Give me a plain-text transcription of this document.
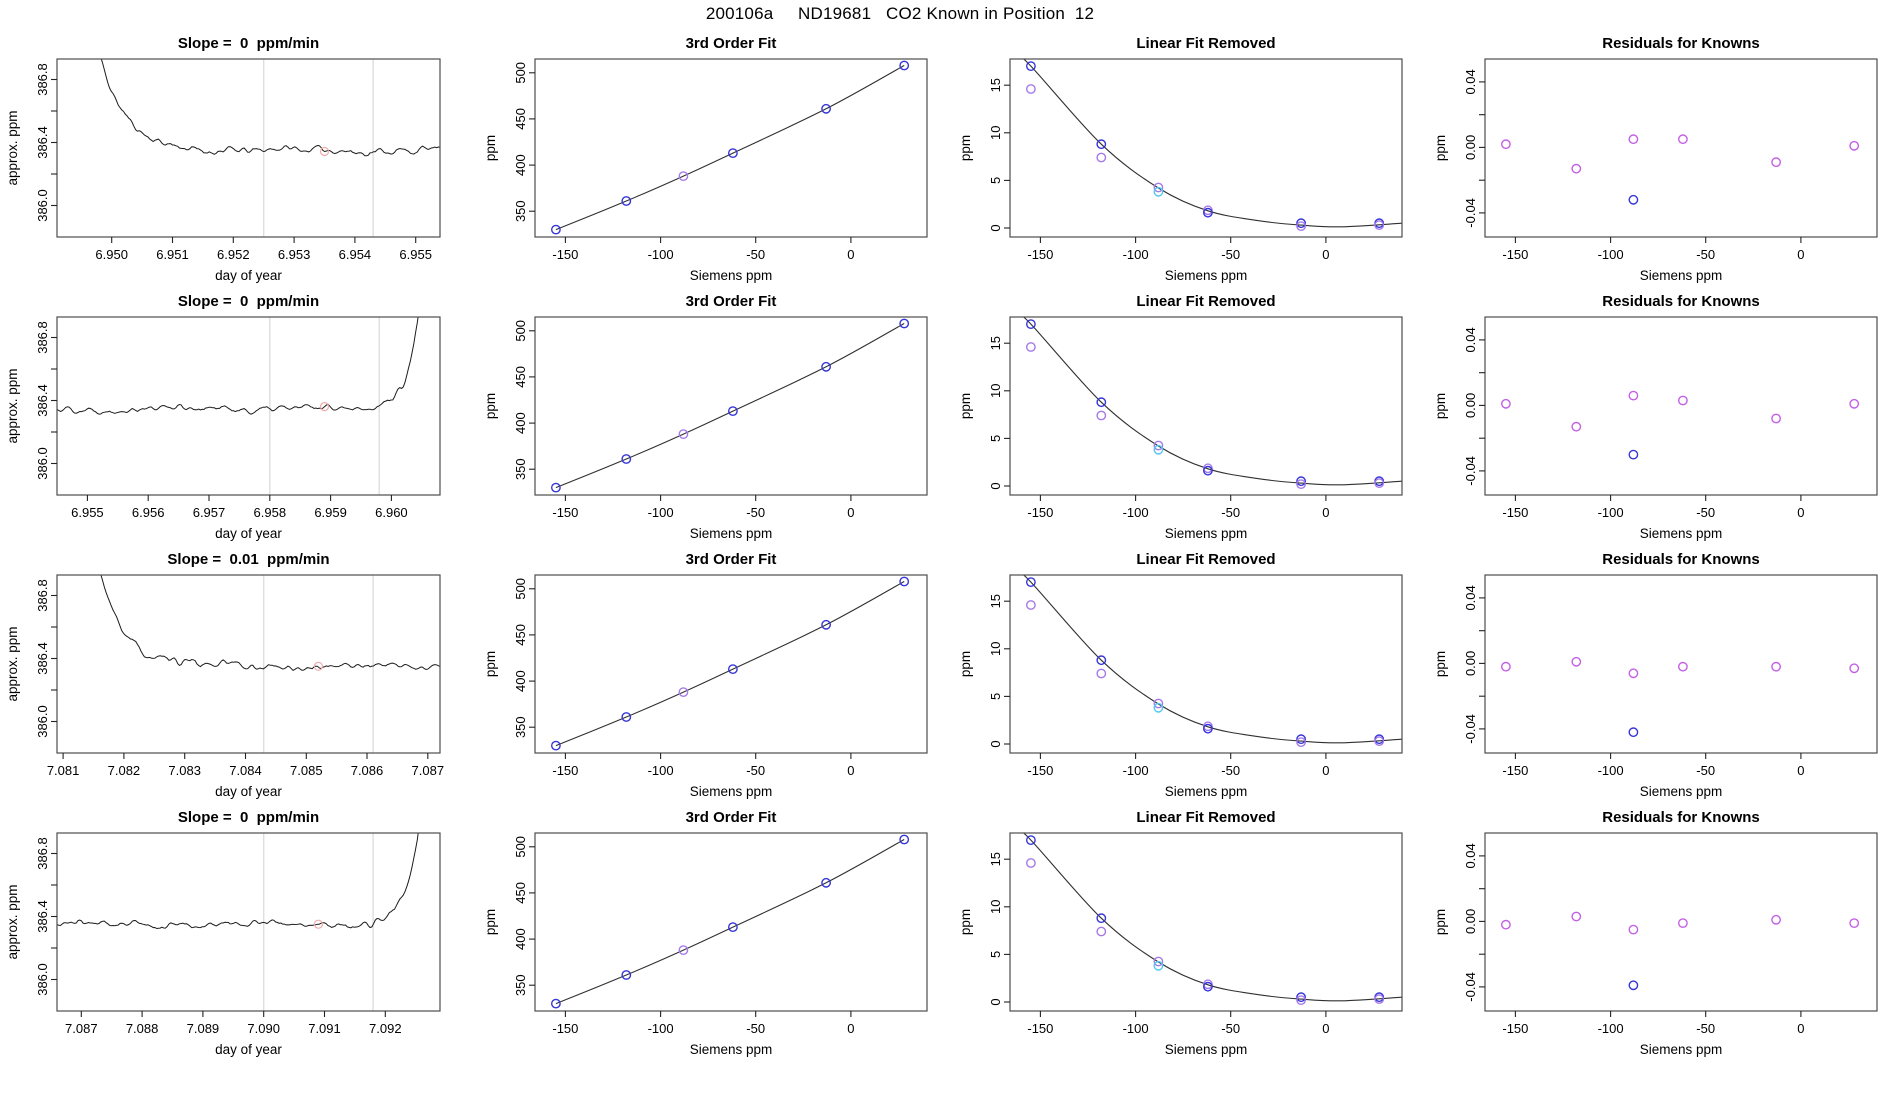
200106a     ND19681   CO2 Known in Position  12
6.950 6.951 6.952 6.953 6.954 6.955
386.0
386.4
386.8
Slope =  0  ppm/min
day of year
approx. ppm
-150	-100	-50	0
350
400
450
500
3rd Order Fit
Siemens ppm
ppm
-150	-100	-50	0
0
5
10
15
Linear Fit Removed
Siemens ppm
ppm
-150	-100	-50	0
-0.04
0.00
0.04
Residuals for Knowns
Siemens ppm
ppm
6.955 6.956 6.957 6.958 6.959 6.960
386.0
386.4
386.8
Slope =  0  ppm/min
day of year
approx. ppm
-150	-100	-50	0
350
400
450
500
3rd Order Fit
Siemens ppm
ppm
-150	-100	-50	0
0
5
10
15
Linear Fit Removed
Siemens ppm
ppm
-150	-100	-50	0
-0.04
0.00
0.04
Residuals for Knowns
Siemens ppm
ppm
7.081 7.082 7.083 7.084 7.085 7.086 7.087
386.0
386.4
386.8
Slope =  0.01  ppm/min
day of year
approx. ppm
-150	-100	-50	0
350
400
450
500
3rd Order Fit
Siemens ppm
ppm
-150	-100	-50	0
0
5
10
15
Linear Fit Removed
Siemens ppm
ppm
-150	-100	-50	0
-0.04
0.00
0.04
Residuals for Knowns
Siemens ppm
ppm
7.087 7.088 7.089 7.090 7.091 7.092
386.0
386.4
386.8
Slope =  0  ppm/min
day of year
approx. ppm
-150	-100	-50	0
350
400
450
500
3rd Order Fit
Siemens ppm
ppm
-150	-100	-50	0
0
5
10
15
Linear Fit Removed
Siemens ppm
ppm
-150	-100	-50	0
-0.04
0.00
0.04
Residuals for Knowns
Siemens ppm
ppm
